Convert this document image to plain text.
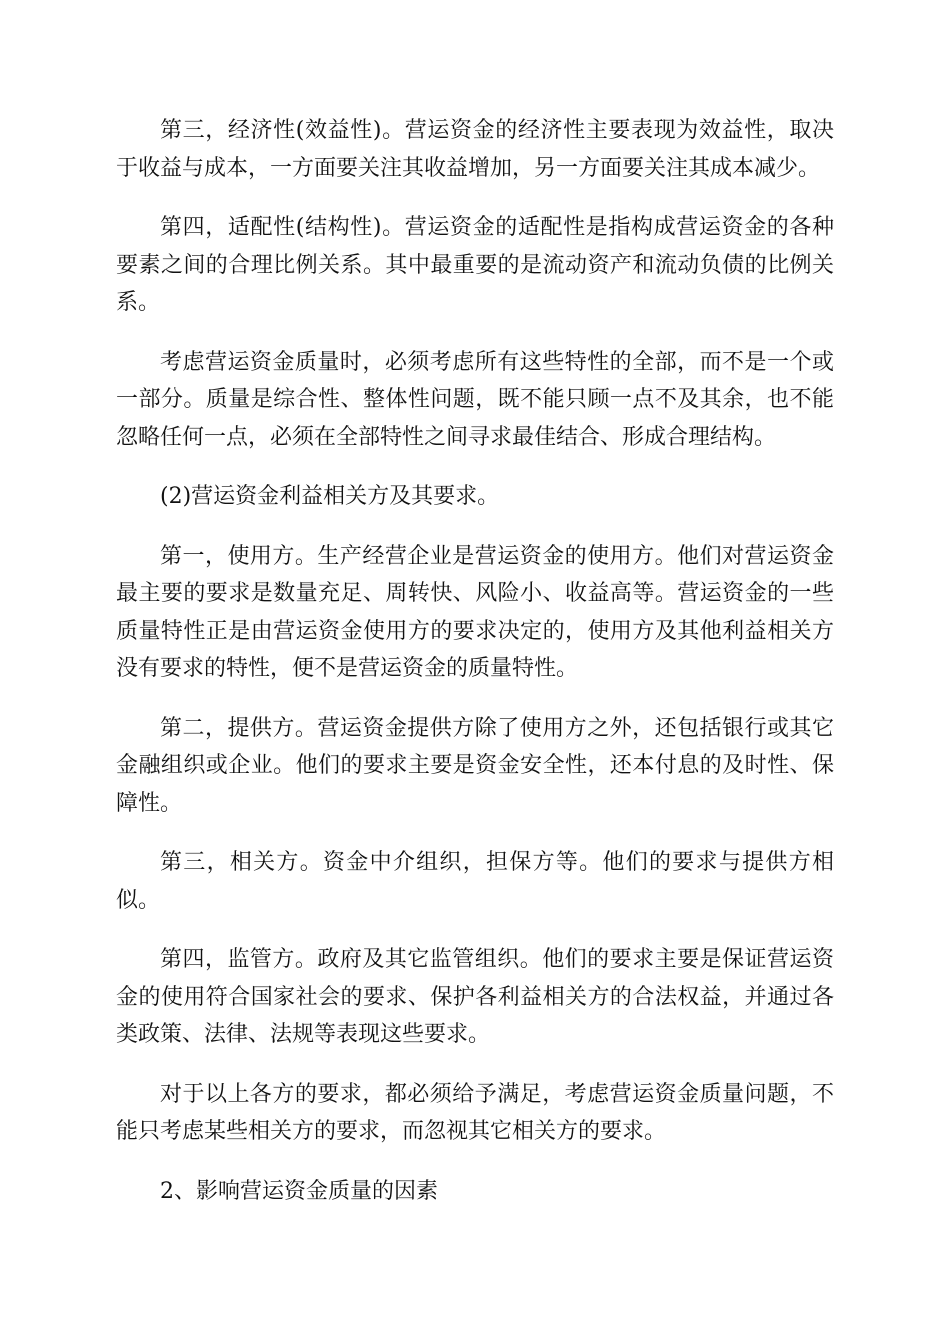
第三，经济性(效益性)。营运资金的经济性主要表现为效益性，取决于收益与成本，一方面要关注其收益增加，另一方面要关注其成本减少。

第四，适配性(结构性)。营运资金的适配性是指构成营运资金的各种要素之间的合理比例关系。其中最重要的是流动资产和流动负债的比例关系。

考虑营运资金质量时，必须考虑所有这些特性的全部，而不是一个或一部分。质量是综合性、整体性问题，既不能只顾一点不及其余，也不能忽略任何一点，必须在全部特性之间寻求最佳结合、形成合理结构。

(2)营运资金利益相关方及其要求。

第一，使用方。生产经营企业是营运资金的使用方。他们对营运资金最主要的要求是数量充足、周转快、风险小、收益高等。营运资金的一些质量特性正是由营运资金使用方的要求决定的，使用方及其他利益相关方没有要求的特性，便不是营运资金的质量特性。

第二，提供方。营运资金提供方除了使用方之外，还包括银行或其它金融组织或企业。他们的要求主要是资金安全性，还本付息的及时性、保障性。

第三，相关方。资金中介组织，担保方等。他们的要求与提供方相似。

第四，监管方。政府及其它监管组织。他们的要求主要是保证营运资金的使用符合国家社会的要求、保护各利益相关方的合法权益，并通过各类政策、法律、法规等表现这些要求。

对于以上各方的要求，都必须给予满足，考虑营运资金质量问题，不能只考虑某些相关方的要求，而忽视其它相关方的要求。

2、影响营运资金质量的因素
